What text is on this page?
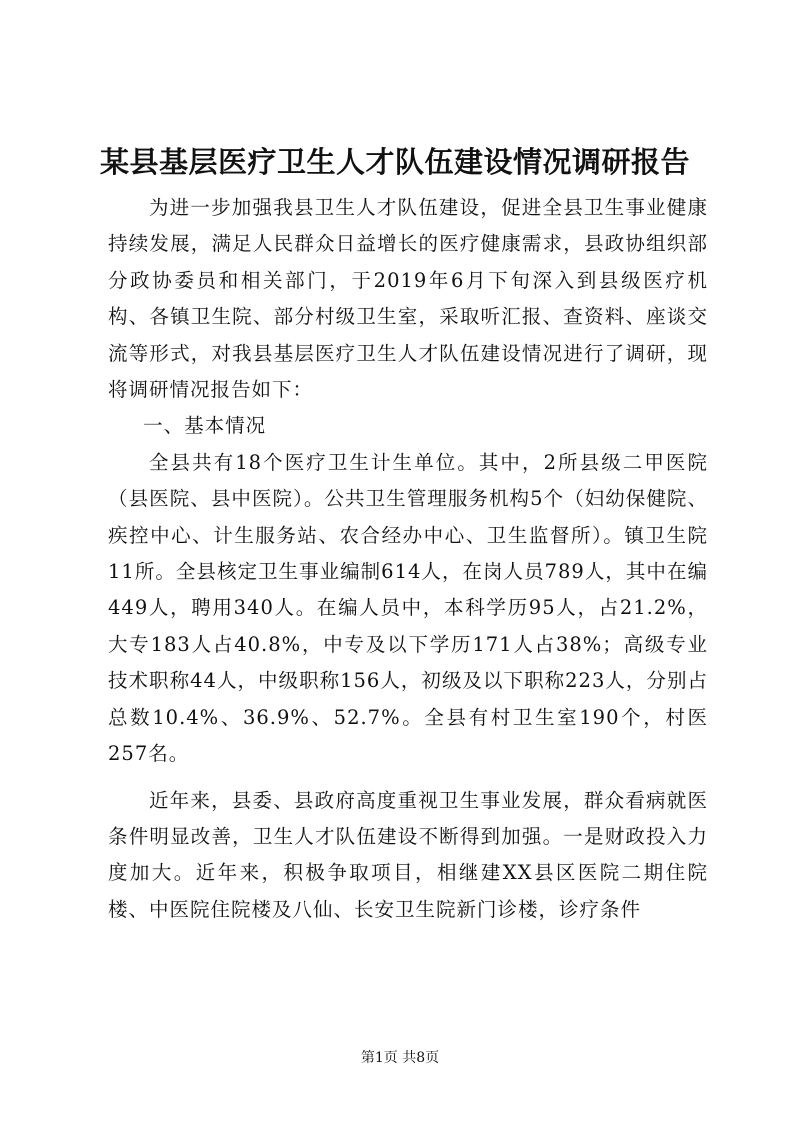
某县基层医疗卫生人才队伍建设情况调研报告

为进一步加强我县卫生人才队伍建设，促进全县卫生事业健康持续发展，满足人民群众日益增长的医疗健康需求，县政协组织部分政协委员和相关部门，于2019年6月下旬深入到县级医疗机构、各镇卫生院、部分村级卫生室，采取听汇报、查资料、座谈交流等形式，对我县基层医疗卫生人才队伍建设情况进行了调研，现将调研情况报告如下：

一、基本情况

全县共有18个医疗卫生计生单位。其中，2所县级二甲医院（县医院、县中医院）。公共卫生管理服务机构5个（妇幼保健院、疾控中心、计生服务站、农合经办中心、卫生监督所）。镇卫生院11所。全县核定卫生事业编制614人，在岗人员789人，其中在编449人，聘用340人。在编人员中，本科学历95人，占21.2%，大专183人占40.8%，中专及以下学历171人占38%；高级专业技术职称44人，中级职称156人，初级及以下职称223人，分别占总数10.4%、36.9%、52.7%。全县有村卫生室190个，村医257名。

近年来，县委、县政府高度重视卫生事业发展，群众看病就医条件明显改善，卫生人才队伍建设不断得到加强。一是财政投入力度加大。近年来，积极争取项目，相继建XX县区医院二期住院楼、中医院住院楼及八仙、长安卫生院新门诊楼，诊疗条件

第1页 共8页
